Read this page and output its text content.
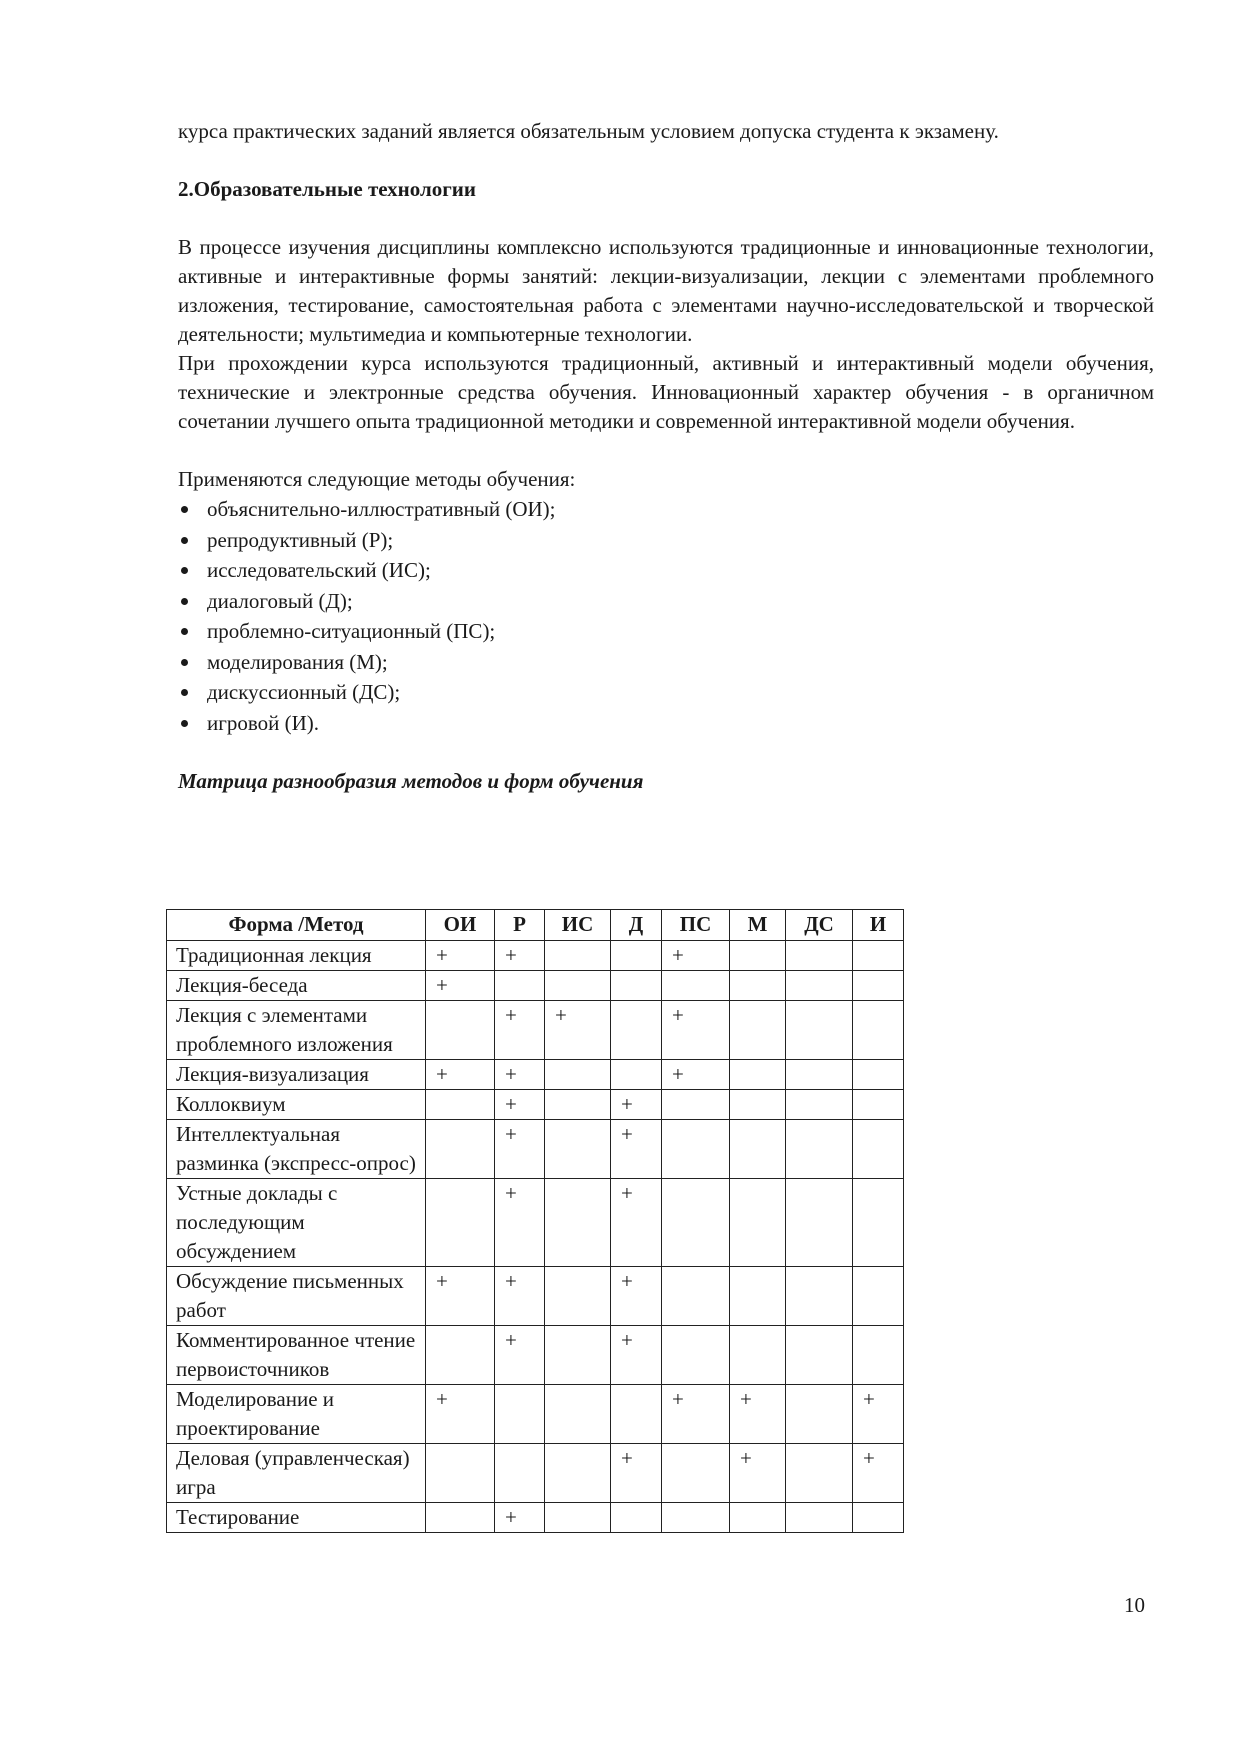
курса практических заданий является обязательным условием допуска студента к экзамену.

2.Образовательные технологии

В процессе изучения дисциплины комплексно используются традиционные и инновационные технологии, активные и интерактивные формы занятий: лекции-визуализации, лекции с элементами проблемного изложения, тестирование, самостоятельная работа с элементами научно-исследовательской и творческой деятельности; мультимедиа и компьютерные технологии.

При прохождении курса используются традиционный, активный и интерактивный модели обучения, технические и электронные средства обучения. Инновационный характер обучения - в органичном сочетании лучшего опыта традиционной методики и современной интерактивной модели обучения.

Применяются следующие методы обучения:

объяснительно-иллюстративный (ОИ);
репродуктивный (Р);
исследовательский (ИС);
диалоговый (Д);
проблемно-ситуационный (ПС);
моделирования (М);
дискуссионный (ДС);
игровой (И).

Матрица разнообразия методов и форм обучения

Форма /Метод	ОИ	Р	ИС	Д	ПС	М	ДС	И
Традиционная лекция	+	+			+			
Лекция-беседа	+							
Лекция с элементами проблемного изложения		+	+		+			
Лекция-визуализация	+	+			+			
Коллоквиум		+		+				
Интеллектуальная разминка (экспресс-опрос)		+		+				
Устные доклады с последующим обсуждением		+		+				
Обсуждение письменных работ	+	+		+				
Комментированное чтение первоисточников		+		+				
Моделирование и проектирование	+				+	+		+
Деловая (управленческая) игра				+		+		+
Тестирование		+						
10
